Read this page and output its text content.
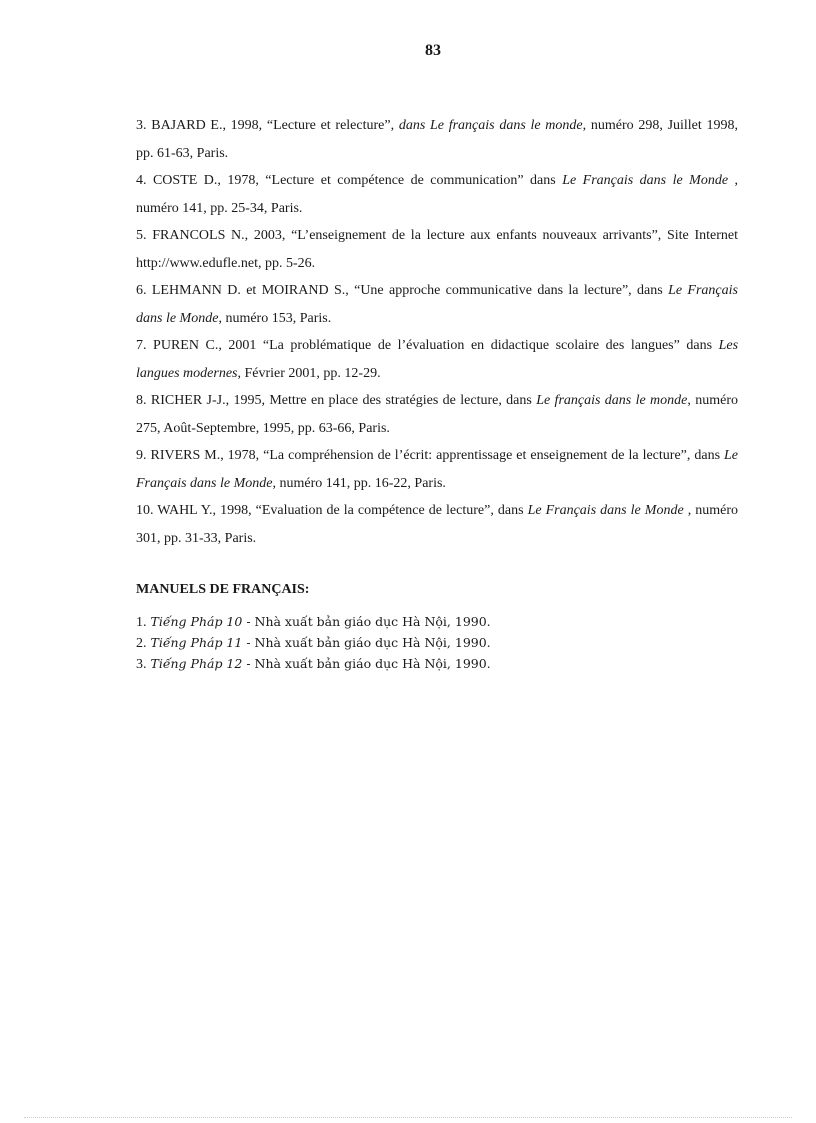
83

3. BAJARD E., 1998, “Lecture et relecture”, dans Le français dans le monde, numéro 298, Juillet 1998, pp. 61-63, Paris.

4. COSTE D., 1978, “Lecture et compétence de communication” dans Le Français dans le Monde , numéro 141, pp. 25-34, Paris.

5. FRANCOLS N., 2003, “L’enseignement de la lecture aux enfants nouveaux arrivants”, Site Internet http://www.edufle.net, pp. 5-26.

6. LEHMANN D. et MOIRAND S., “Une approche communicative dans la lecture”, dans Le Français dans le Monde, numéro 153, Paris.

7. PUREN C., 2001 “La problématique de l’évaluation en didactique scolaire des langues” dans Les langues modernes, Février 2001, pp. 12-29.

8. RICHER J-J., 1995, Mettre en place des stratégies de lecture, dans Le français dans le monde, numéro 275, Août-Septembre, 1995, pp. 63-66, Paris.

9. RIVERS M., 1978, “La compréhension de l’écrit: apprentissage et enseignement de la lecture”, dans Le Français dans le Monde, numéro 141, pp. 16-22, Paris.

10. WAHL Y., 1998, “Evaluation de la compétence de lecture”, dans Le Français dans le Monde , numéro 301, pp. 31-33, Paris.

MANUELS DE FRANÇAIS:

1. Tiếng Pháp 10 - Nhà xuất bản giáo dục Hà Nội, 1990.

2. Tiếng Pháp 11 - Nhà xuất bản giáo dục Hà Nội, 1990.

3. Tiếng Pháp 12 - Nhà xuất bản giáo dục Hà Nội, 1990.
